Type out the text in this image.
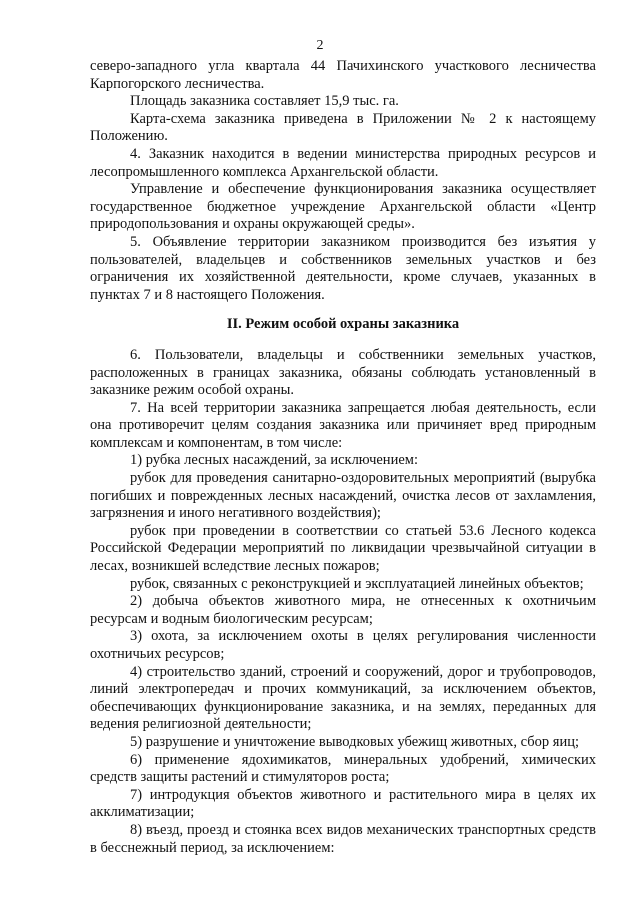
2

северо-западного угла квартала 44 Пачихинского участкового лесничества Карпогорского лесничества.

Площадь заказника составляет 15,9 тыс. га.

Карта-схема заказника приведена в Приложении № 2 к настоящему Положению.

4. Заказник находится в ведении министерства природных ресурсов и лесопромышленного комплекса Архангельской области.

Управление и обеспечение функционирования заказника осуществляет государственное бюджетное учреждение Архангельской области «Центр природопользования и охраны окружающей среды».

5. Объявление территории заказником производится без изъятия у пользователей, владельцев и собственников земельных участков и без ограничения их хозяйственной деятельности, кроме случаев, указанных в пунктах 7 и 8 настоящего Положения.

II. Режим особой охраны заказника

6. Пользователи, владельцы и собственники земельных участков, расположенных в границах заказника, обязаны соблюдать установленный в заказнике режим особой охраны.

7. На всей территории заказника запрещается любая деятельность, если она противоречит целям создания заказника или причиняет вред природным комплексам и компонентам, в том числе:

1) рубка лесных насаждений, за исключением:

рубок для проведения санитарно-оздоровительных мероприятий (вырубка погибших и поврежденных лесных насаждений, очистка лесов от захламления, загрязнения и иного негативного воздействия);

рубок при проведении в соответствии со статьей 53.6 Лесного кодекса Российской Федерации мероприятий по ликвидации чрезвычайной ситуации в лесах, возникшей вследствие лесных пожаров;

рубок, связанных с реконструкцией и эксплуатацией линейных объектов;

2) добыча объектов животного мира, не отнесенных к охотничьим ресурсам и водным биологическим ресурсам;

3) охота, за исключением охоты в целях регулирования численности охотничьих ресурсов;

4) строительство зданий, строений и сооружений, дорог и трубопроводов, линий электропередач и прочих коммуникаций, за исключением объектов, обеспечивающих функционирование заказника, и на землях, переданных для ведения религиозной деятельности;

5) разрушение и уничтожение выводковых убежищ животных, сбор яиц;

6) применение ядохимикатов, минеральных удобрений, химических средств защиты растений и стимуляторов роста;

7) интродукция объектов животного и растительного мира в целях их акклиматизации;

8) въезд, проезд и стоянка всех видов механических транспортных средств в бесснежный период, за исключением:
